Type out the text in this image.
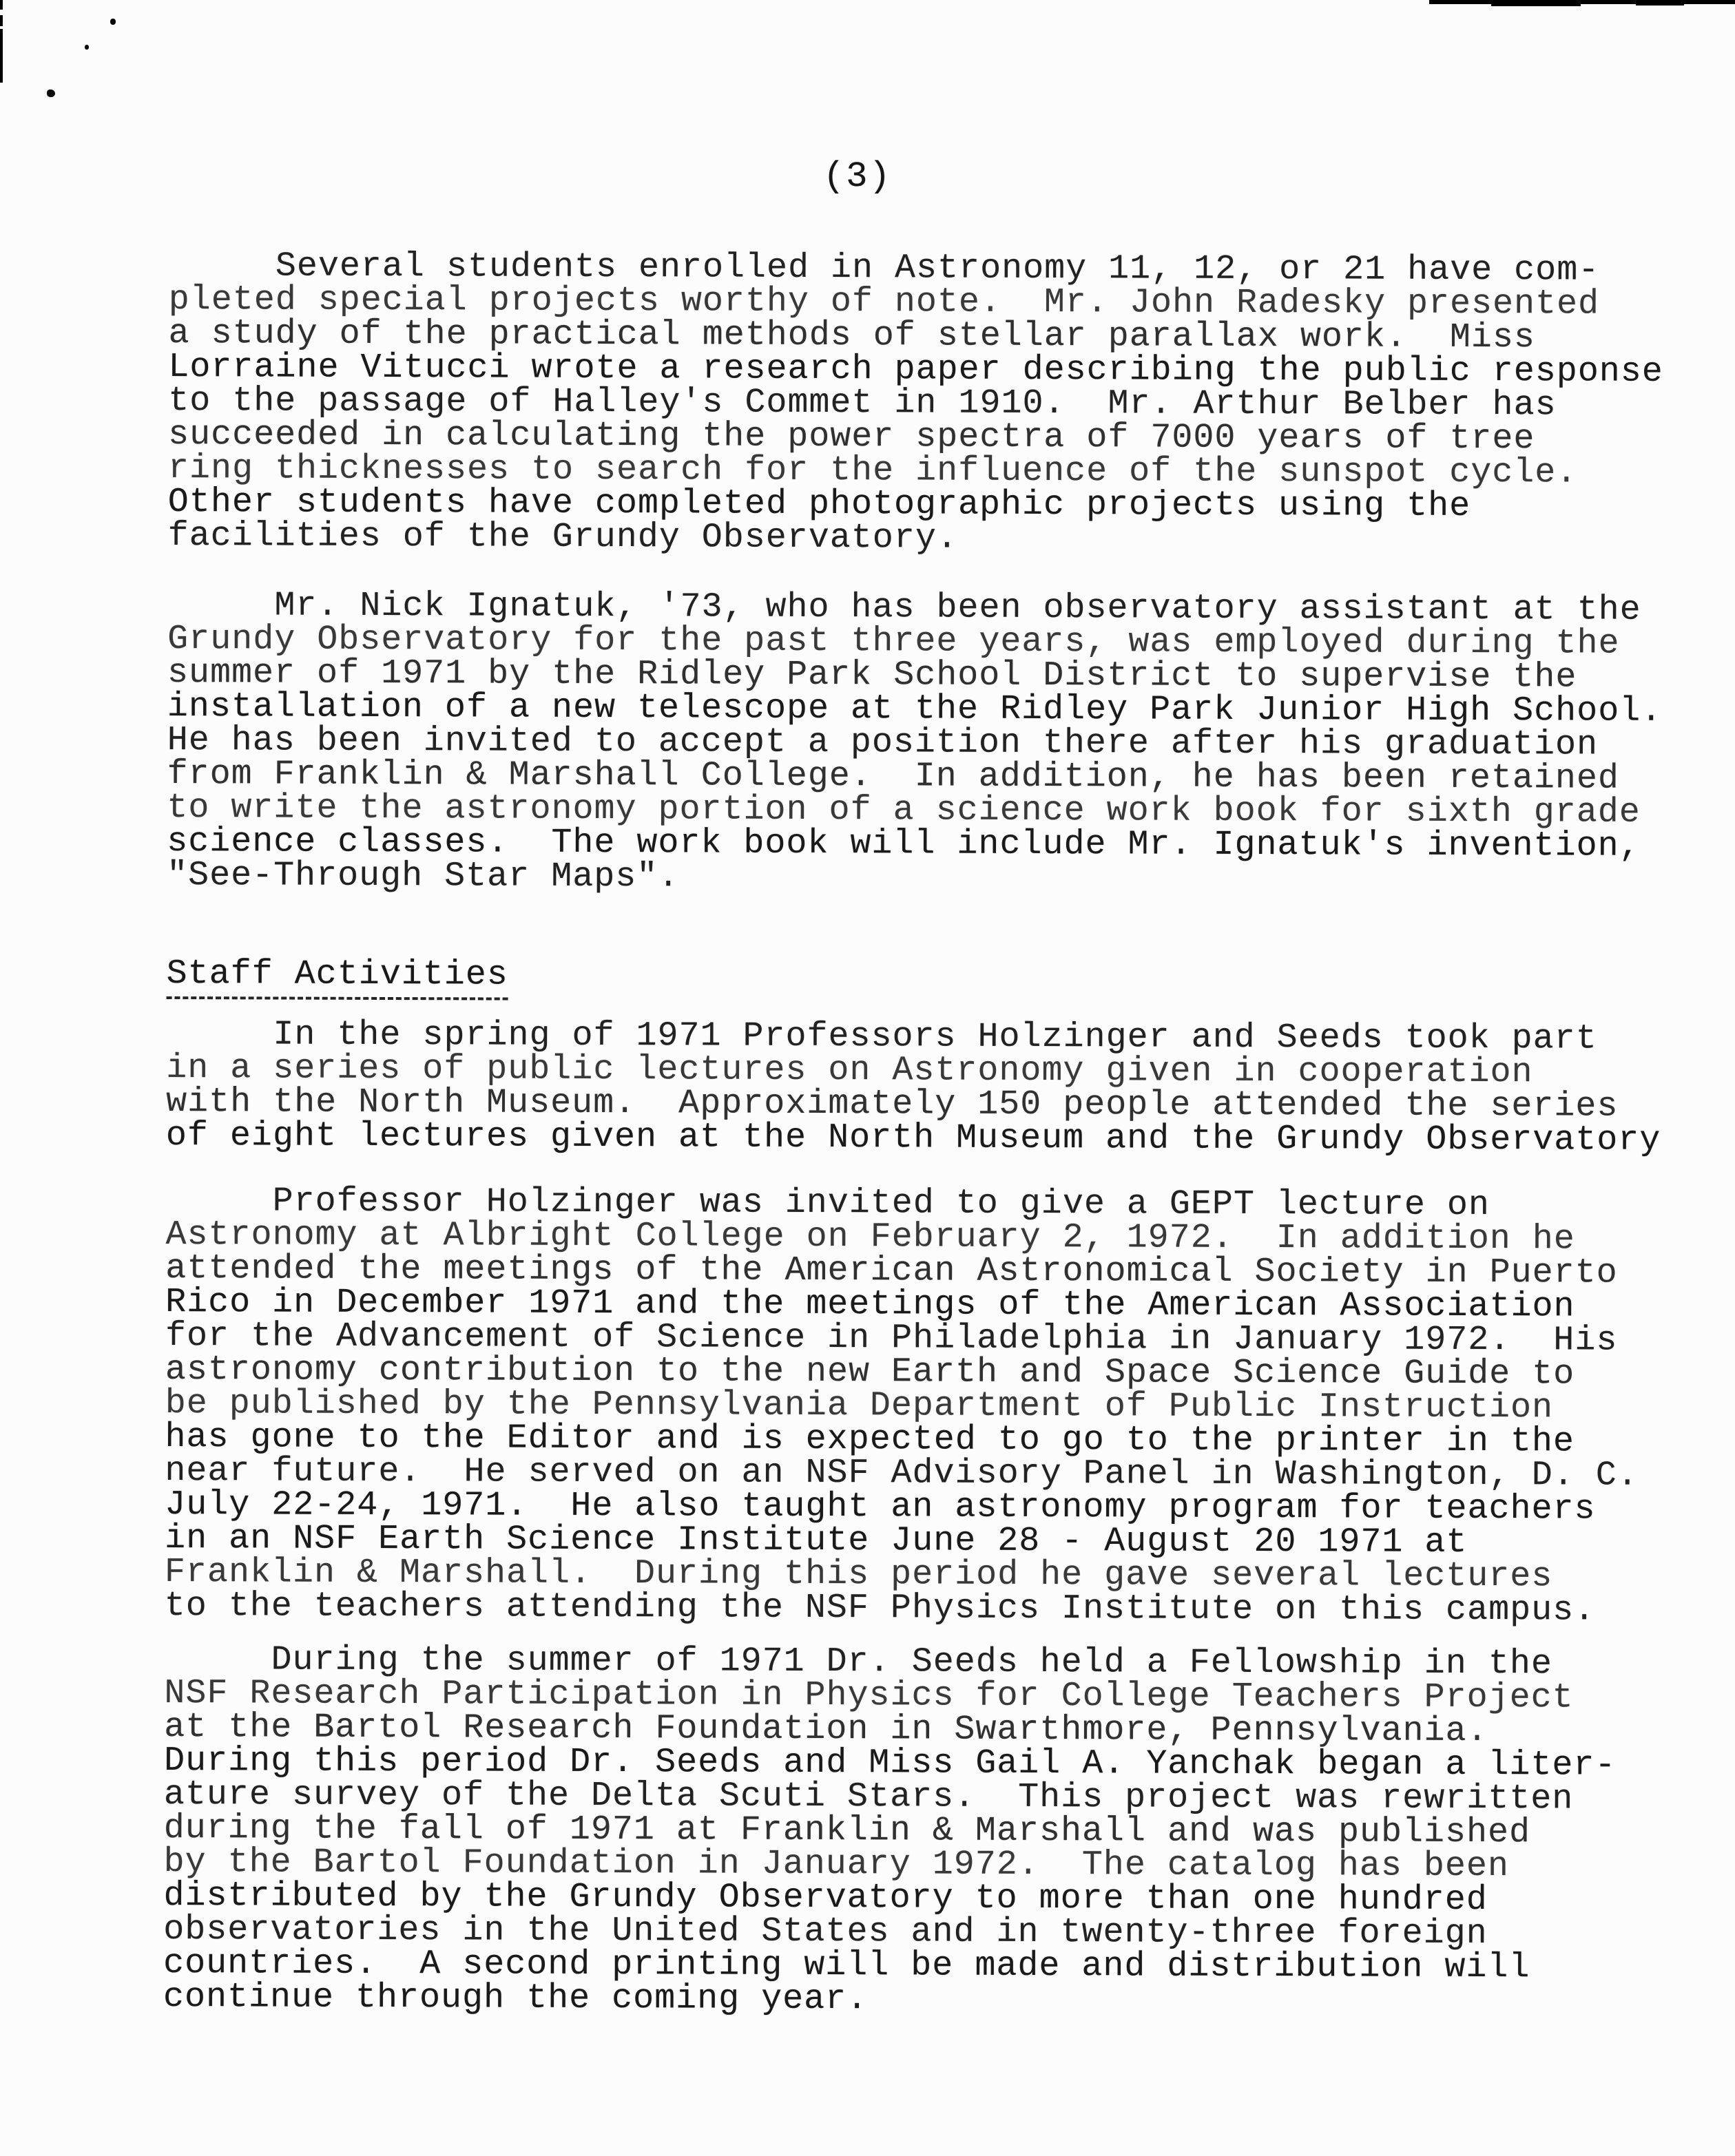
(3)
Several students enrolled in Astronomy 11, 12, or 21 have com-
pleted special projects worthy of note.  Mr. John Radesky presented
a study of the practical methods of stellar parallax work.  Miss
Lorraine Vitucci wrote a research paper describing the public response
to the passage of Halley's Commet in 1910.  Mr. Arthur Belber has
succeeded in calculating the power spectra of 7000 years of tree
ring thicknesses to search for the influence of the sunspot cycle.
Other students have completed photographic projects using the
facilities of the Grundy Observatory.
Mr. Nick Ignatuk, '73, who has been observatory assistant at the
Grundy Observatory for the past three years, was employed during the
summer of 1971 by the Ridley Park School District to supervise the
installation of a new telescope at the Ridley Park Junior High School.
He has been invited to accept a position there after his graduation
from Franklin & Marshall College.  In addition, he has been retained
to write the astronomy portion of a science work book for sixth grade
science classes.  The work book will include Mr. Ignatuk's invention,
"See-Through Star Maps".
Staff Activities
In the spring of 1971 Professors Holzinger and Seeds took part
in a series of public lectures on Astronomy given in cooperation
with the North Museum.  Approximately 150 people attended the series
of eight lectures given at the North Museum and the Grundy Observatory
Professor Holzinger was invited to give a GEPT lecture on
Astronomy at Albright College on February 2, 1972.  In addition he
attended the meetings of the American Astronomical Society in Puerto
Rico in December 1971 and the meetings of the American Association
for the Advancement of Science in Philadelphia in January 1972.  His
astronomy contribution to the new Earth and Space Science Guide to
be published by the Pennsylvania Department of Public Instruction
has gone to the Editor and is expected to go to the printer in the
near future.  He served on an NSF Advisory Panel in Washington, D. C.
July 22-24, 1971.  He also taught an astronomy program for teachers
in an NSF Earth Science Institute June 28 - August 20 1971 at
Franklin & Marshall.  During this period he gave several lectures
to the teachers attending the NSF Physics Institute on this campus.
During the summer of 1971 Dr. Seeds held a Fellowship in the
NSF Research Participation in Physics for College Teachers Project
at the Bartol Research Foundation in Swarthmore, Pennsylvania.
During this period Dr. Seeds and Miss Gail A. Yanchak began a liter-
ature survey of the Delta Scuti Stars.  This project was rewritten
during the fall of 1971 at Franklin & Marshall and was published
by the Bartol Foundation in January 1972.  The catalog has been
distributed by the Grundy Observatory to more than one hundred
observatories in the United States and in twenty-three foreign
countries.  A second printing will be made and distribution will
continue through the coming year.
